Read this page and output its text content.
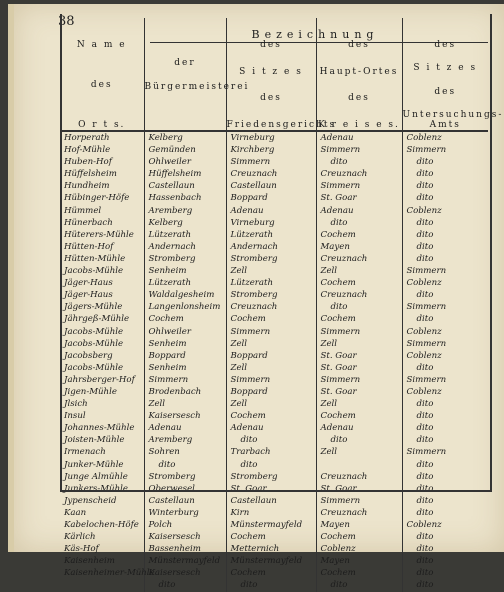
38
Bezeichnung
N a m e
des
O r t s.	der
Bürgermeisterei	des
S i t z e s
des
Friedensgerichts	des
Haupt-Ortes
des
K r e i s e s.	des
S i t z e s
des
Untersuchungs-Amts

Horperath	Kelberg	Virneburg	Adenau	Coblenz
Hof-Mühle	Gemünden	Kirchberg	Simmern	Simmern
Huben-Hof	Ohlweiler	Simmern	dito	dito
Hüffelsheim	Hüffelsheim	Creuznach	Creuznach	dito
Hundheim	Castellaun	Castellaun	Simmern	dito
Hübinger-Höfe	Hassenbach	Boppard	St. Goar	dito
Hümmel	Aremberg	Adenau	Adenau	Coblenz
Hünerbach	Kelberg	Virneburg	dito	dito
Hüterers-Mühle	Lützerath	Lützerath	Cochem	dito
Hütten-Hof	Andernach	Andernach	Mayen	dito
Hütten-Mühle	Stromberg	Stromberg	Creuznach	dito
Jacobs-Mühle	Senheim	Zell	Zell	Simmern
Jäger-Haus	Lützerath	Lützerath	Cochem	Coblenz
Jäger-Haus	Waldalgesheim	Stromberg	Creuznach	dito
Jägers-Mühle	Langenlonsheim	Creuznach	dito	Simmern
Jährgeß-Mühle	Cochem	Cochem	Cochem	dito
Jacobs-Mühle	Ohlweiler	Simmern	Simmern	Coblenz
Jacobs-Mühle	Senheim	Zell	Zell	Simmern
Jacobsberg	Boppard	Boppard	St. Goar	Coblenz
Jacobs-Mühle	Senheim	Zell	St. Goar	dito
Jahrsberger-Hof	Simmern	Simmern	Simmern	Simmern
Jigen-Mühle	Brodenbach	Boppard	St. Goar	Coblenz
Jlsich	Zell	Zell	Zell	dito
Insul	Kaisersesch	Cochem	Cochem	dito
Johannes-Mühle	Adenau	Adenau	Adenau	dito
Joisten-Mühle	Aremberg	dito	dito	dito
Irmenach	Sohren	Trarbach	Zell	Simmern
Junker-Mühle	dito	dito		dito
Junge Almühle	Stromberg	Stromberg	Creuznach	dito
Junkers-Mühle	Oberwesel	St. Goar	St. Goar	dito
Jypenscheid	Castellaun	Castellaun	Simmern	dito
Kaan	Winterburg	Kirn	Creuznach	dito
Kabelochen-Höfe	Polch	Münstermayfeld	Mayen	Coblenz
Kärlich	Kaisersesch	Cochem	Cochem	dito
Käs-Hof	Bassenheim	Metternich	Coblenz	dito
Kaisenheim	Münstermayfeld	Münstermayfeld	Mayen	dito
Kaisenheimer-Mühle	Kaisersesch	Cochem	Cochem	dito
	dito	dito	dito	dito
